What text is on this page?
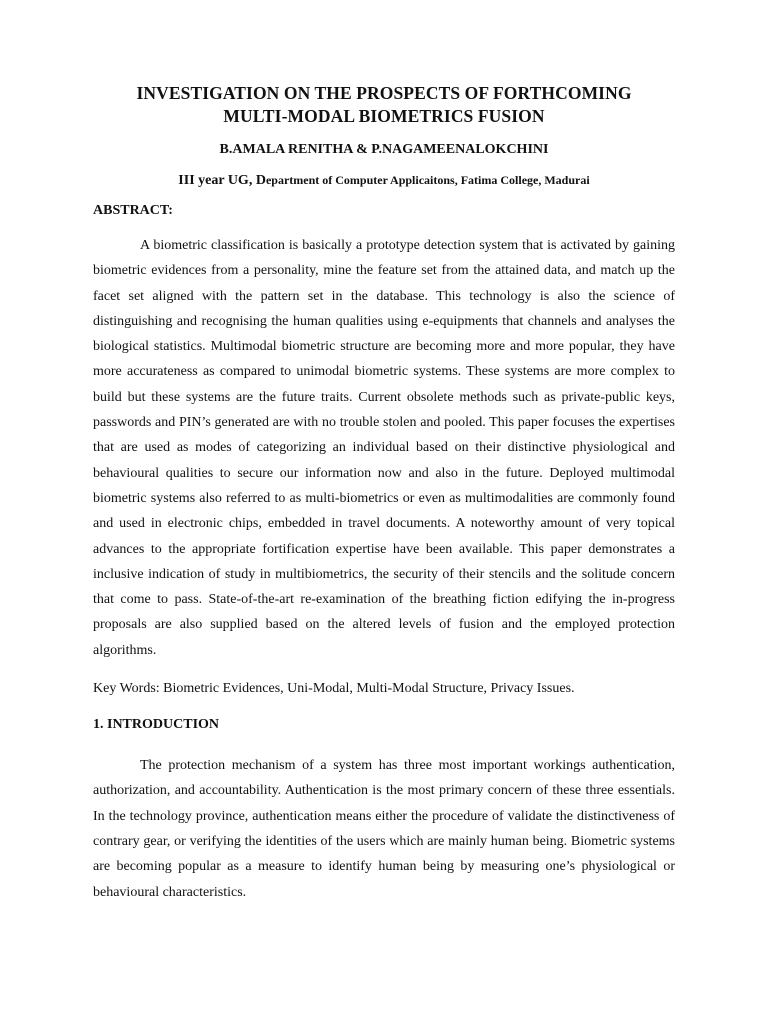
INVESTIGATION ON THE PROSPECTS OF FORTHCOMING
MULTI-MODAL BIOMETRICS FUSION

B.AMALA RENITHA & P.NAGAMEENALOKCHINI

III year UG, Department of Computer Applicaitons, Fatima College, Madurai

ABSTRACT:

A biometric classification is basically a prototype detection system that is activated by gaining biometric evidences from a personality, mine the feature set from the attained data, and match up the facet set aligned with the pattern set in the database. This technology is also the science of distinguishing and recognising the human qualities using e-equipments that channels and analyses the biological statistics. Multimodal biometric structure are becoming more and more popular, they have more accurateness as compared to unimodal biometric systems. These systems are more complex to build but these systems are the future traits. Current obsolete methods such as private-public keys, passwords and PIN’s generated are with no trouble stolen and pooled. This paper focuses the expertises that are used as modes of categorizing an individual based on their distinctive physiological and behavioural qualities to secure our information now and also in the future. Deployed multimodal biometric systems also referred to as multi-biometrics or even as multimodalities are commonly found and used in electronic chips, embedded in travel documents. A noteworthy amount of very topical advances to the appropriate fortification expertise have been available. This paper demonstrates a inclusive indication of study in multibiometrics, the security of their stencils and the solitude concern that come to pass. State-of-the-art re-examination of the breathing fiction edifying the in-progress proposals are also supplied based on the altered levels of fusion and the employed protection algorithms.

Key Words: Biometric Evidences, Uni-Modal, Multi-Modal Structure, Privacy Issues.

1. INTRODUCTION

The protection mechanism of a system has three most important workings authentication, authorization, and accountability. Authentication is the most primary concern of these three essentials. In the technology province, authentication means either the procedure of validate the distinctiveness of contrary gear, or verifying the identities of the users which are mainly human being. Biometric systems are becoming popular as a measure to identify human being by measuring one’s physiological or behavioural characteristics.
